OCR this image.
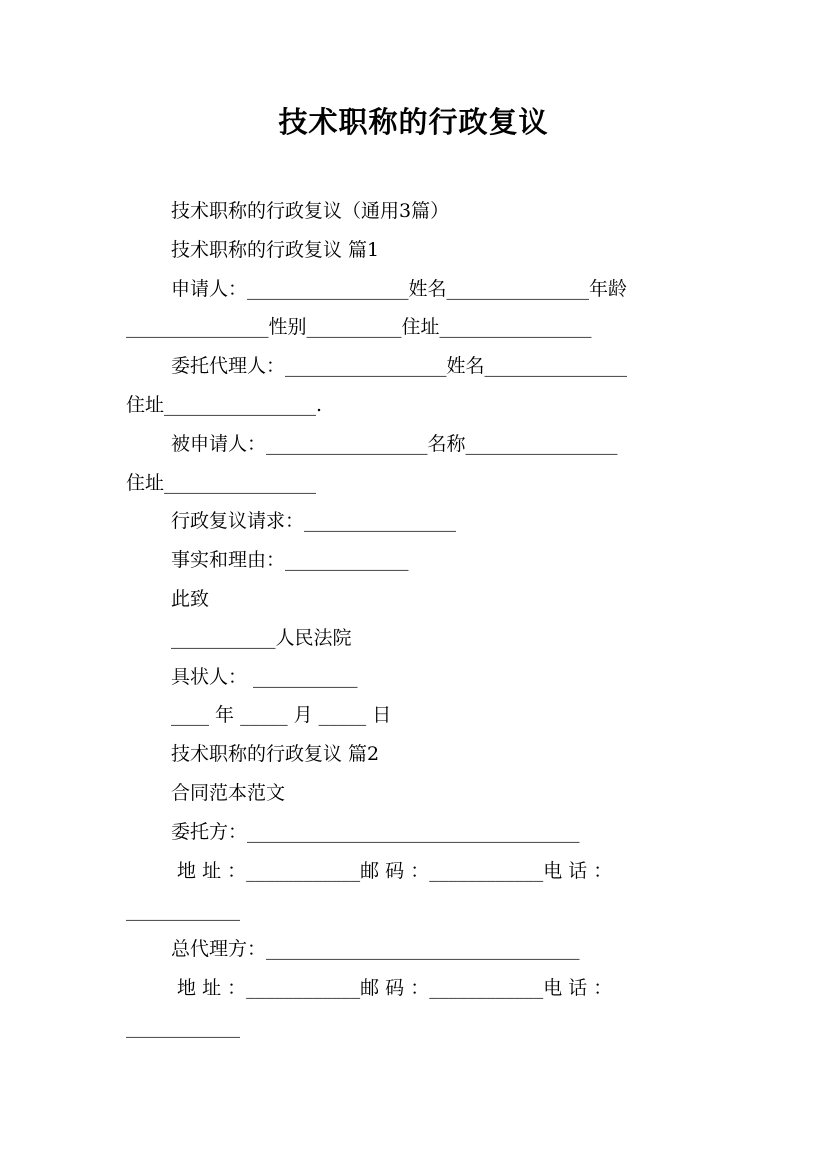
技术职称的行政复议

技术职称的行政复议（通用3篇）

技术职称的行政复议 篇1

申请人：_________________姓名_______________年龄

_______________性别__________住址________________

委托代理人：_________________姓名_______________

住址________________.

被申请人：_________________名称________________

住址________________

行政复议请求：________________

事实和理由：_____________

此致

___________人民法院

具状人： ___________

____ 年 _____ 月 _____ 日

技术职称的行政复议 篇2

合同范本范文

委托方：___________________________________

地 址 ：____________邮 码 ：____________电 话 ：

____________

总代理方：_________________________________

地 址 ：____________邮 码 ：____________电 话 ：

____________
